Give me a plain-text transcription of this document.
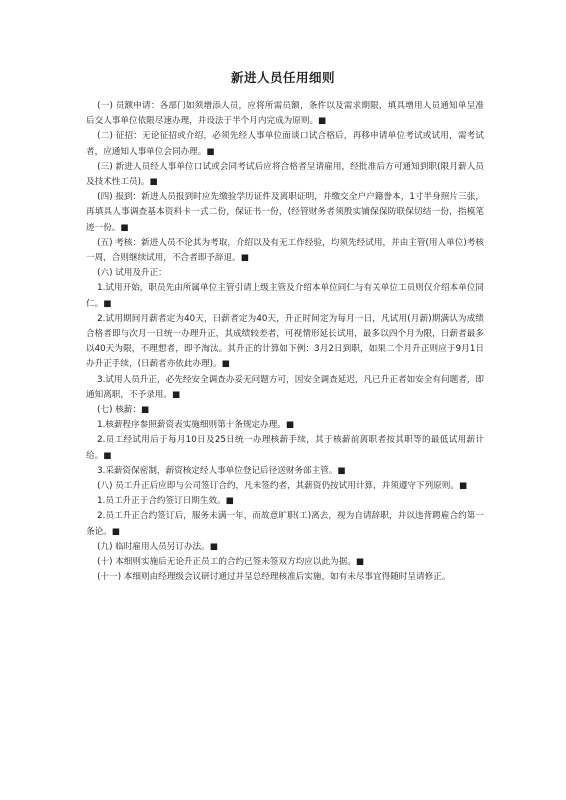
新进人员任用细则

(一) 员额申请：各部门如须增添人员，应将所需员额，条件以及需求期限，填具增用人员通知单呈准后交人事单位依限尽速办理，并设法于半个月内完成为原则。■

(二) 征招：无论征招或介绍，必须先经人事单位面谈口试合格后，再移申请单位考试或试用，需考试者，应通知人事单位会同办理。■

(三) 新进人员经人事单位口试或会同考试后应将合格者呈请雇用，经批准后方可通知到职(限月薪人员及技术性工员)。■

(四) 报到：新进人员报到时应先缴验学历证件及离职证明，并缴交全户户籍誊本，1寸半身照片三张，再填具人事调查基本资料卡一式二份，保证书一份，(经管财务者须殷实铺保保防联保切结一份，指模笔迹一份。■

(五) 考核：新进人员不论其为考取，介绍以及有无工作经验，均须先经试用，并由主管(用人单位)考核一周，合则继续试用，不合者即予辞退。■

(六) 试用及升正：

1.试用开始，职员先由所属单位主管引请上级主管及介绍本单位同仁与有关单位工员则仅介绍本单位同仁。■

2.试用期间月薪者定为40天，日薪者定为40天，升正时间定为每月一日，凡试用(月薪)期满认为成绩合格者即与次月一日统一办理升正，其成绩较差者，可视情形延长试用，最多以四个月为限，日薪者最多以40天为限，不理想者，即予淘汰。其升正的计算如下例：3月2日到职，如果二个月升正则应于9月1日办升正手续，(日薪者亦依此办理)。■

3.试用人员升正，必先经安全调查办妥无问题方可，因安全调查延迟，凡已升正者如安全有问题者，即通知离职，不予录用。■

(七) 核薪：■

1.核薪程序参照薪资表实施细则第十条规定办理。■

2.员工经试用后于每月10日及25日统一办理核薪手续，其于核薪前离职者按其职等的最低试用薪计给。■

3.采薪资保密制，薪资核定经人事单位登记后径送财务部主管。■

(八) 员工升正后应即与公司签订合约，凡未签约者，其薪资仍按试用计算，并须遵守下列原则。■

1.员工升正于合约签订日期生效。■

2.员工升正合约签订后，服务未满一年，而故意旷职(工)离去，视为自请辞职，并以违背聘雇合约第一条论。■

(九) 临时雇用人员另订办法。■

(十) 本细则实施后无论升正员工的合约已签未签双方均应以此为据。■

(十一) 本细则由经理级会议研讨通过并呈总经理核准后实施，如有未尽事宜得随时呈请修正。
